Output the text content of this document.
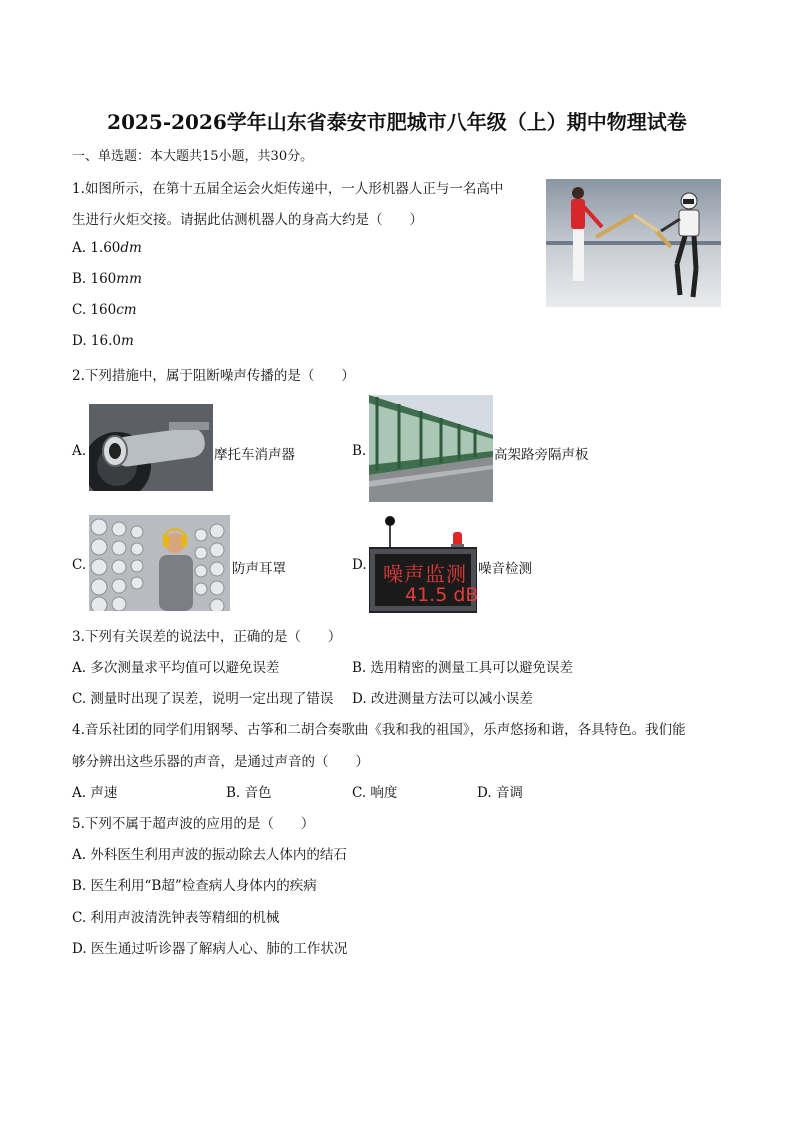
2025-2026学年山东省泰安市肥城市八年级（上）期中物理试卷
一、单选题：本大题共15小题，共30分。
1.如图所示，在第十五届全运会火炬传递中，一人形机器人正与一名高中
生进行火炬交接。请据此估测机器人的身高大约是（　　）
A. 1.60dm
B. 160mm
C. 160cm
D. 16.0m
2.下列措施中，属于阻断噪声传播的是（　　）
A.	摩托车消声器	B.	高架路旁隔声板
C.	防声耳罩	D. 噪声监测
41.5 dB
噪音检测
3.下列有关误差的说法中，正确的是（　　）
A. 多次测量求平均值可以避免误差	B. 选用精密的测量工具可以避免误差
C. 测量时出现了误差，说明一定出现了错误 D. 改进测量方法可以减小误差
4.音乐社团的同学们用钢琴、古筝和二胡合奏歌曲《我和我的祖国》，乐声悠扬和谐，各具特色。我们能
够分辨出这些乐器的声音，是通过声音的（　　）
A. 声速	B. 音色	C. 响度	D. 音调
5.下列不属于超声波的应用的是（　　）
A. 外科医生利用声波的振动除去人体内的结石
B. 医生利用“B超”检查病人身体内的疾病
C. 利用声波清洗钟表等精细的机械
D. 医生通过听诊器了解病人心、肺的工作状况
